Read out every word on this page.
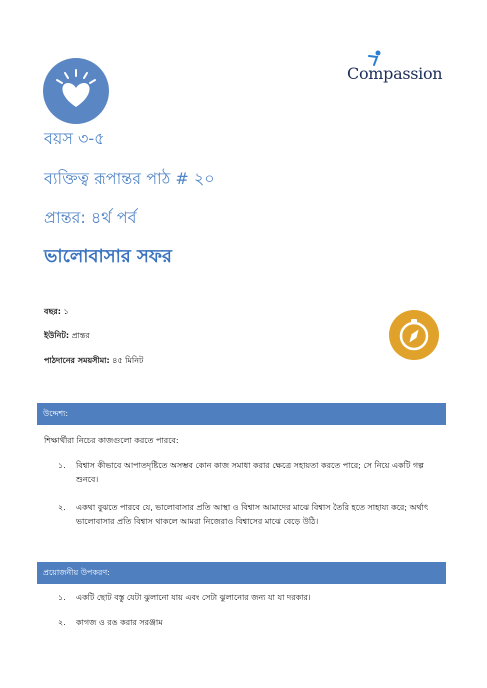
Compassion
বয়স ৩-৫
ব্যক্তিত্ব রূপান্তর পাঠ # ২০
প্রান্তর: ৪র্থ পর্ব
ভালোবাসার সফর
বছর: ১
ইউনিট: প্রান্তর
পাঠদানের সময়সীমা: ৪৫ মিনিট
উদ্দেশ্য:
শিক্ষার্থীরা নিচের কাজগুলো করতে পারবে:
১. বিশ্বাস কীভাবে আপাতদৃষ্টিতে অসম্ভব কোন কাজ সমাধা করার ক্ষেত্রে সহায়তা করতে পারে; সে নিয়ে একটি গল্প শুনবে।
২. একথা বুঝতে পারবে যে, ভালোবাসার প্রতি আস্থা ও বিশ্বাস আমাদের মাঝে বিশ্বাস তৈরি হতে সাহায্য করে; অর্থাৎ ভালোবাসার প্রতি বিশ্বাস থাকলে আমরা নিজেরাও বিশ্বাসের মাঝে বেড়ে উঠি।
প্রয়োজনীয় উপকরণ:
১. একটি ছোট বস্তু যেটা ঝুলানো যায় এবং সেটা ঝুলানোর জন্য যা যা দরকার।
২. কাগজ ও রঙ করার সরঞ্জাম
